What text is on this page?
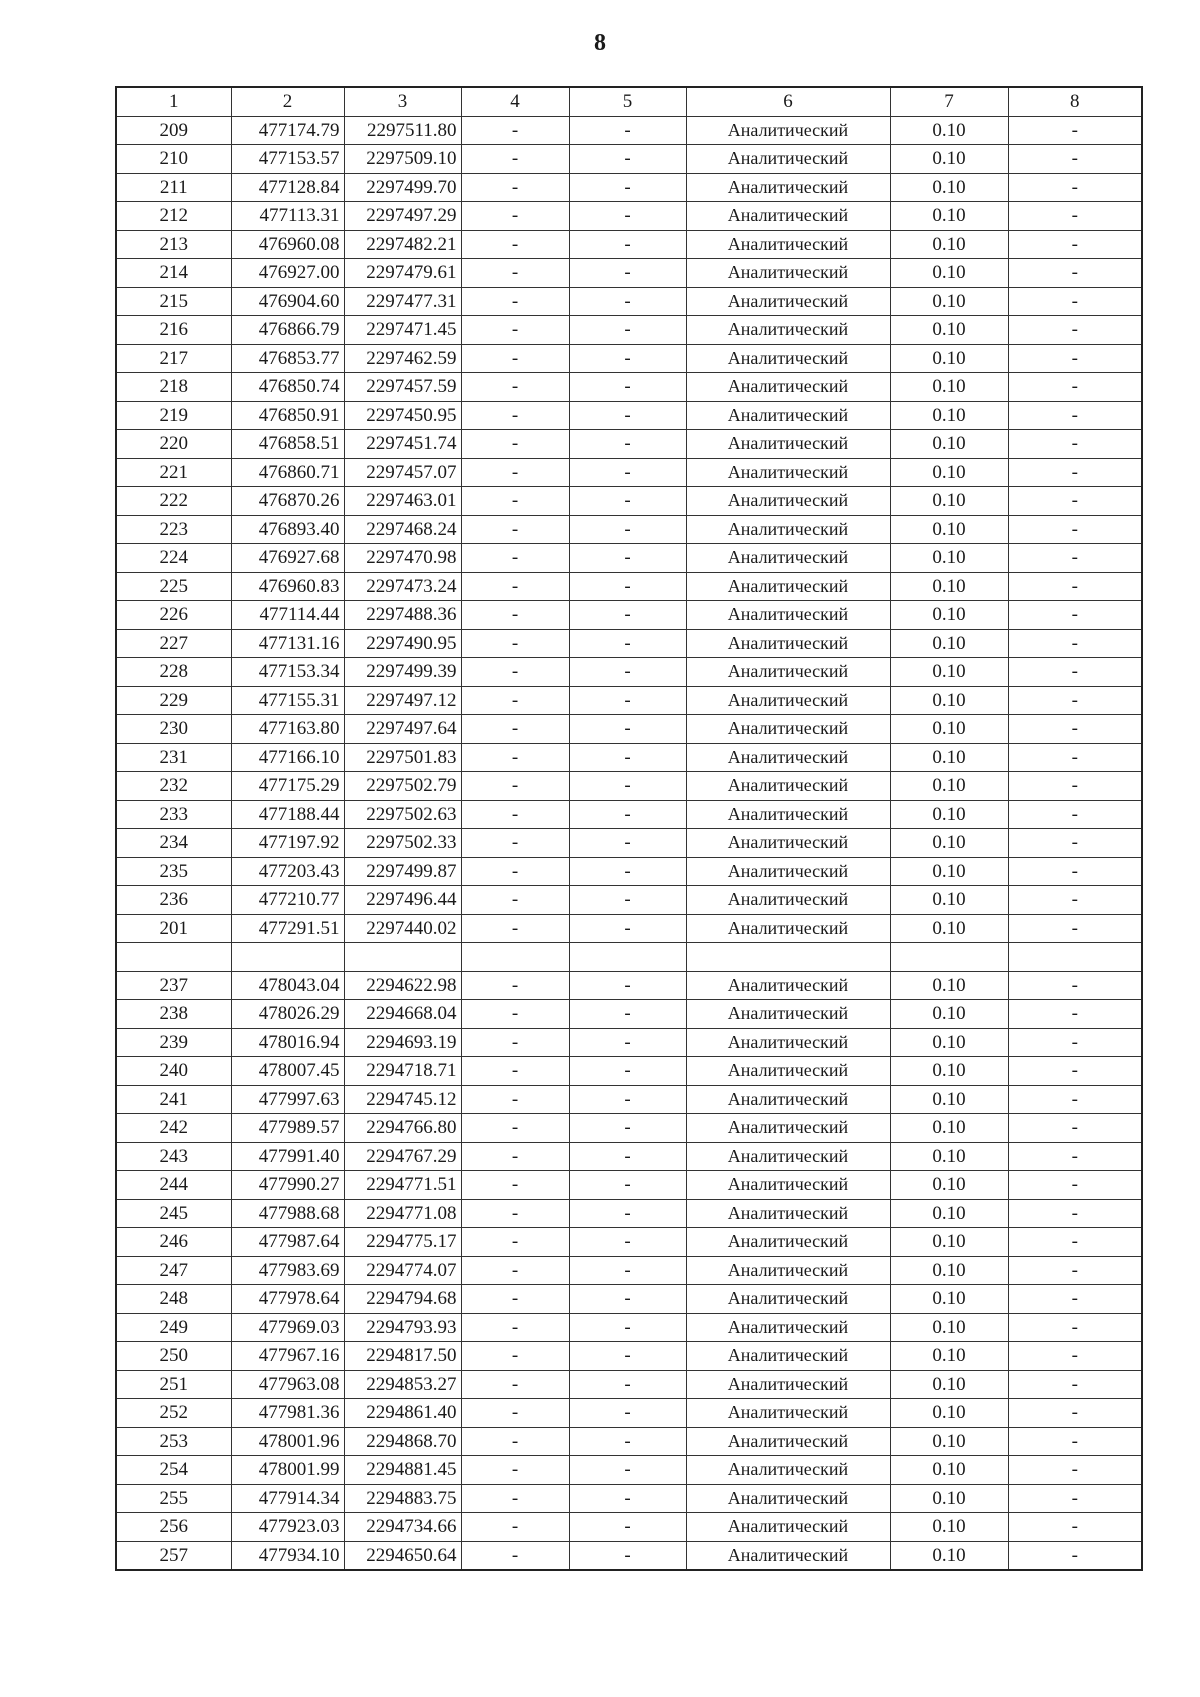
8
1	2	3	4	5	6	7	8
209	477174.79	2297511.80	-	-	Аналитический	0.10	-
210	477153.57	2297509.10	-	-	Аналитический	0.10	-
211	477128.84	2297499.70	-	-	Аналитический	0.10	-
212	477113.31	2297497.29	-	-	Аналитический	0.10	-
213	476960.08	2297482.21	-	-	Аналитический	0.10	-
214	476927.00	2297479.61	-	-	Аналитический	0.10	-
215	476904.60	2297477.31	-	-	Аналитический	0.10	-
216	476866.79	2297471.45	-	-	Аналитический	0.10	-
217	476853.77	2297462.59	-	-	Аналитический	0.10	-
218	476850.74	2297457.59	-	-	Аналитический	0.10	-
219	476850.91	2297450.95	-	-	Аналитический	0.10	-
220	476858.51	2297451.74	-	-	Аналитический	0.10	-
221	476860.71	2297457.07	-	-	Аналитический	0.10	-
222	476870.26	2297463.01	-	-	Аналитический	0.10	-
223	476893.40	2297468.24	-	-	Аналитический	0.10	-
224	476927.68	2297470.98	-	-	Аналитический	0.10	-
225	476960.83	2297473.24	-	-	Аналитический	0.10	-
226	477114.44	2297488.36	-	-	Аналитический	0.10	-
227	477131.16	2297490.95	-	-	Аналитический	0.10	-
228	477153.34	2297499.39	-	-	Аналитический	0.10	-
229	477155.31	2297497.12	-	-	Аналитический	0.10	-
230	477163.80	2297497.64	-	-	Аналитический	0.10	-
231	477166.10	2297501.83	-	-	Аналитический	0.10	-
232	477175.29	2297502.79	-	-	Аналитический	0.10	-
233	477188.44	2297502.63	-	-	Аналитический	0.10	-
234	477197.92	2297502.33	-	-	Аналитический	0.10	-
235	477203.43	2297499.87	-	-	Аналитический	0.10	-
236	477210.77	2297496.44	-	-	Аналитический	0.10	-
201	477291.51	2297440.02	-	-	Аналитический	0.10	-

237	478043.04	2294622.98	-	-	Аналитический	0.10	-
238	478026.29	2294668.04	-	-	Аналитический	0.10	-
239	478016.94	2294693.19	-	-	Аналитический	0.10	-
240	478007.45	2294718.71	-	-	Аналитический	0.10	-
241	477997.63	2294745.12	-	-	Аналитический	0.10	-
242	477989.57	2294766.80	-	-	Аналитический	0.10	-
243	477991.40	2294767.29	-	-	Аналитический	0.10	-
244	477990.27	2294771.51	-	-	Аналитический	0.10	-
245	477988.68	2294771.08	-	-	Аналитический	0.10	-
246	477987.64	2294775.17	-	-	Аналитический	0.10	-
247	477983.69	2294774.07	-	-	Аналитический	0.10	-
248	477978.64	2294794.68	-	-	Аналитический	0.10	-
249	477969.03	2294793.93	-	-	Аналитический	0.10	-
250	477967.16	2294817.50	-	-	Аналитический	0.10	-
251	477963.08	2294853.27	-	-	Аналитический	0.10	-
252	477981.36	2294861.40	-	-	Аналитический	0.10	-
253	478001.96	2294868.70	-	-	Аналитический	0.10	-
254	478001.99	2294881.45	-	-	Аналитический	0.10	-
255	477914.34	2294883.75	-	-	Аналитический	0.10	-
256	477923.03	2294734.66	-	-	Аналитический	0.10	-
257	477934.10	2294650.64	-	-	Аналитический	0.10	-
